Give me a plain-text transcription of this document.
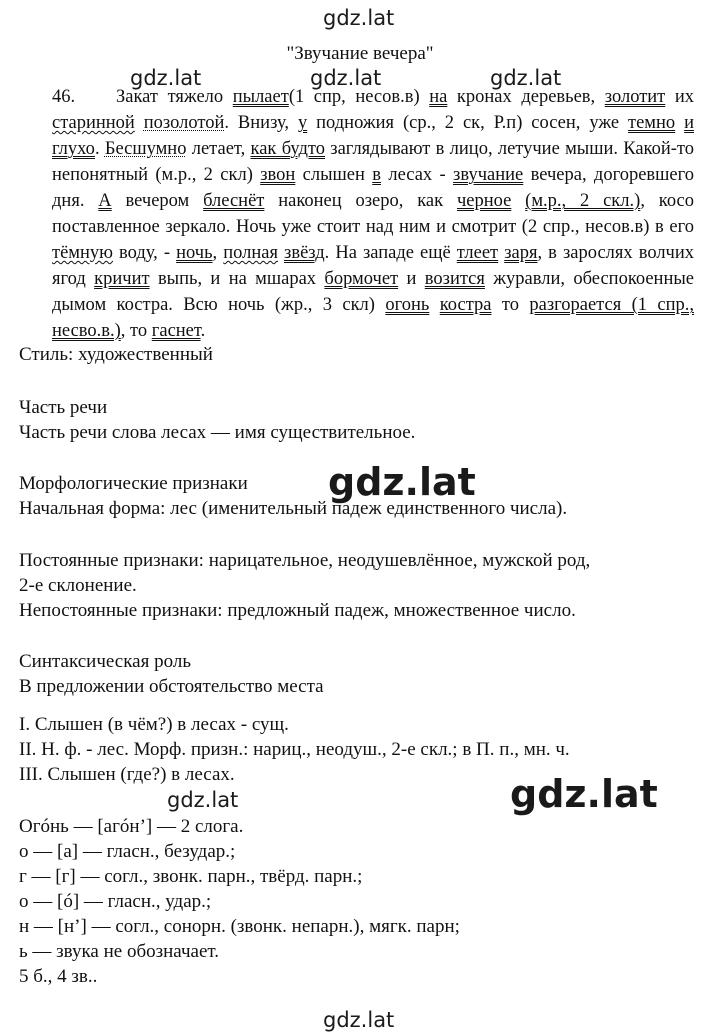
gdz.lat
gdz.lat	gdz.lat	gdz.lat
"Звучание вечера"
46. Закат тяжело пылает(1 спр, несов.в) на кронах деревьев, золотит их старинной позолотой. Внизу, у подножия (ср., 2 ск, Р.п) сосен, уже темно и глухо. Бесшумно летает, как будто заглядывают в лицо, летучие мыши. Какой-то непонятный (м.р., 2 скл) звон слышен в лесах - звучание вечера, догоревшего дня. А вечером блеснёт наконец озеро, как черное (м.р., 2 скл.), косо поставленное зеркало. Ночь уже стоит над ним и смотрит (2 спр., несов.в) в его тёмную воду, - ночь, полная звёзд. На западе ещё тлеет заря, в зарослях волчих ягод кричит выпь, и на мшарах бормочет и возится журавли, обеспокоенные дымом костра. Всю ночь (жр., 3 скл) огонь костра то разгорается (1 спр., несво.в.), то гаснет.
Стиль: художественный
Часть речи
Часть речи слова лесах — имя существительное.
Морфологические признаки
Начальная форма: лес (именительный падеж единственного числа).
Постоянные признаки: нарицательное, неодушевлённое, мужской род,
2-е склонение.
Непостоянные признаки: предложный падеж, множественное число.
Синтаксическая роль
В предложении обстоятельство места
I. Слышен (в чём?) в лесах - сущ.
II. Н. ф. - лес. Морф. призн.: нариц., неодуш., 2-е скл.; в П. п., мн. ч.
III. Слышен (где?) в лесах.
gdz.lat
gdz.lat
gdz.lat
Огóнь — [агóн’] — 2 слога.
о — [а] — гласн., безудар.;
г — [г] — согл., звонк. парн., твёрд. парн.;
о — [ó] — гласн., удар.;
н — [н’] — согл., сонорн. (звонк. непарн.), мягк. парн;
ь — звука не обозначает.
5 б., 4 зв..
gdz.lat
